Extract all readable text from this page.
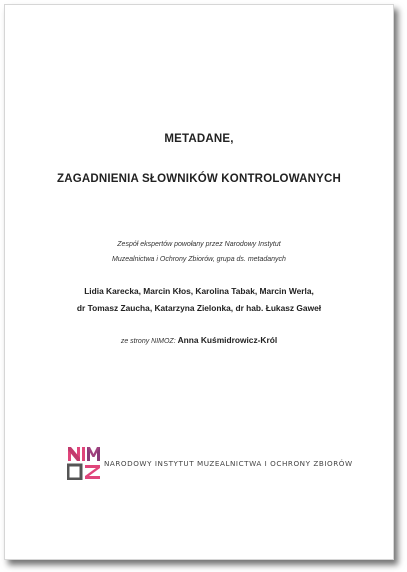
METADANE,
ZAGADNIENIA SŁOWNIKÓW KONTROLOWANYCH
Zespół ekspertów powołany przez Narodowy Instytut
Muzealnictwa i Ochrony Zbiorów, grupa ds. metadanych
Lidia Karecka, Marcin Kłos, Karolina Tabak, Marcin Werla,
dr Tomasz Zaucha, Katarzyna Zielonka, dr hab. Łukasz Gaweł
ze strony NIMOZ: Anna Kuśmidrowicz-Król
NARODOWY INSTYTUT MUZEALNICTWA I OCHRONY ZBIORÓW
